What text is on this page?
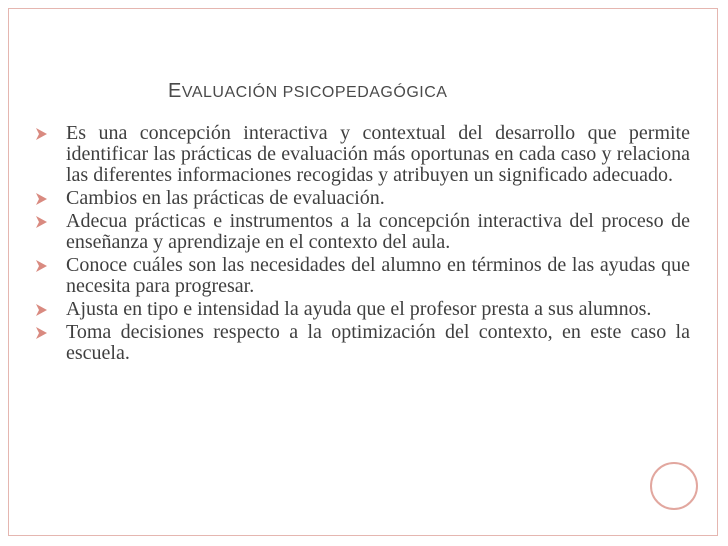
EVALUACIÓN PSICOPEDAGÓGICA
Es una concepción interactiva y contextual del desarrollo que permite identificar las prácticas de evaluación más oportunas en cada caso y relaciona las diferentes informaciones recogidas y atribuyen un significado adecuado.
Cambios en las prácticas de evaluación.
Adecua prácticas e instrumentos a la concepción interactiva del proceso de enseñanza y aprendizaje en el contexto del aula.
Conoce cuáles son las necesidades del alumno en términos de las ayudas que necesita para progresar.
Ajusta en tipo e intensidad la ayuda que el profesor presta a sus alumnos.
Toma decisiones respecto a la optimización del contexto, en este caso la escuela.
